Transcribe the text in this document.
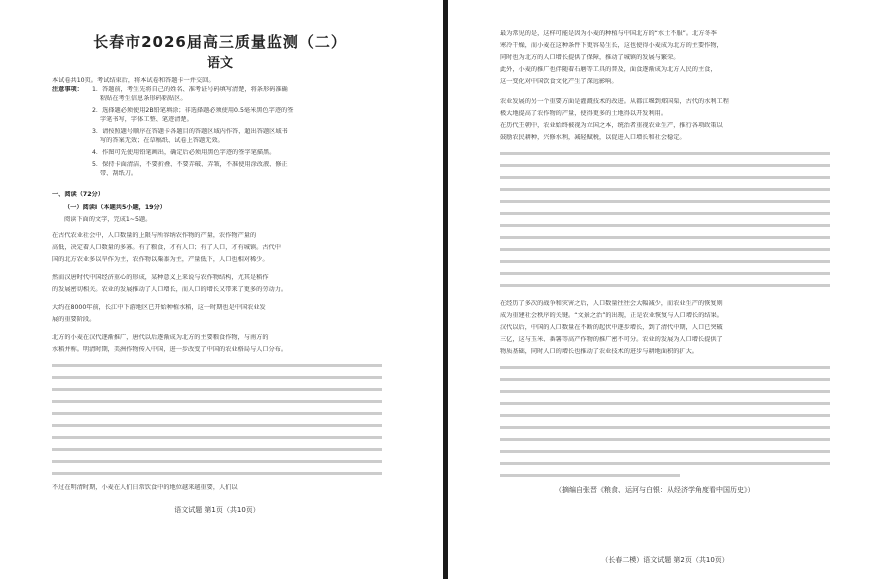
长春市2026届高三质量监测（二）
语文
本试卷共10页。考试结束后，将本试卷和答题卡一并交回。
注意事项：	1．答题前，考生先将自己的姓名、准考证号码填写清楚，将条形码准确
粘贴在考生信息条形码粘贴区。
2．选择题必须使用2B铅笔填涂；非选择题必须使用0.5毫米黑色字迹的签
字笔书写，字体工整、笔迹清楚。
3．请按照题号顺序在答题卡各题目的答题区域内作答，超出答题区域书
写的答案无效；在草稿纸、试卷上答题无效。
4．作图可先使用铅笔画出，确定后必须用黑色字迹的签字笔描黑。
5．保持卡面清洁，不要折叠、不要弄破、弄皱，不准使用涂改液、修正
带、刮纸刀。
一、阅读（72分）
（一）阅读I（本题共5小题，19分）
阅读下面的文字，完成1~5题。
在古代农业社会中，人口数量的上限与所容纳农作物的产量，农作物产量的
高低，决定着人口数量的多寡。有了粮食，才有人口；有了人口，才有城镇。古代中
国的北方农业多以旱作为主，农作物以粟黍为主，产量低下，人口也相对稀少。
然而汉唐时代中国经济重心的形成，某种意义上来说与农作物结构，尤其是稻作
的发展密切相关。农业的发展推动了人口增长，而人口的增长又带来了更多的劳动力。
大约在8000年前，长江中下游地区已开始种植水稻，这一时期也是中国农业发
展的重要阶段。
北方的小麦在汉代逐渐推广，唐代以后逐渐成为北方的主要粮食作物，与南方的
水稻并称。明清时期，美洲作物传入中国，进一步改变了中国的农业格局与人口分布。
不过在明清时期，小麦在人们日常饮食中的地位越来越重要，人们以
语文试题 第1页（共10页）
最为常见的是，这样可能是因为小麦的种植与中国北方的“水土不服”。北方冬季
寒冷干燥，而小麦在这种条件下更容易生长，这也使得小麦成为北方的主要作物，
同时也为北方的人口增长提供了保障，推动了城镇的发展与繁荣。
此外，小麦的推广也伴随着石磨等工具的普及，面食逐渐成为北方人民的主食，
这一变化对中国饮食文化产生了深远影响。
农业发展的另一个重要方面是灌溉技术的改进。从都江堰到郑国渠，古代的水利工程
极大地提高了农作物的产量，使得更多的土地得以开发利用。
在历代王朝中，农业始终被视为立国之本，统治者重视农业生产，推行各项政策以
鼓励农民耕种，兴修水利，减轻赋税，以促进人口增长和社会稳定。
在经历了多次的战争和灾害之后，人口数量往往会大幅减少，而农业生产的恢复则
成为重建社会秩序的关键。“文景之治”的出现，正是农业恢复与人口增长的结果。
汉代以后，中国的人口数量在不断的起伏中逐步增长，到了清代中期，人口已突破
三亿，这与玉米、番薯等高产作物的推广密不可分。农业的发展为人口增长提供了
物质基础，同时人口的增长也推动了农业技术的进步与耕地面积的扩大。
（摘编自张晋《粮食、运河与白银：从经济学角度看中国历史》）
（长春二模）语文试题 第2页（共10页）
